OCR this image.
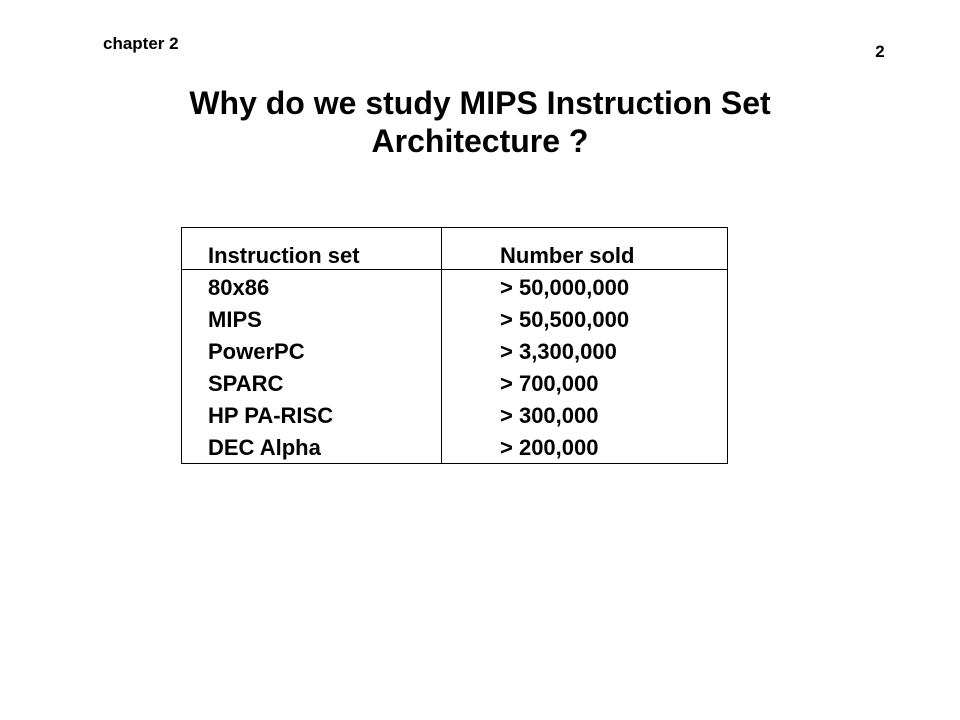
chapter 2	2
Why do we study MIPS Instruction Set
Architecture ?
Instruction set	Number sold
80x86	> 50,000,000
MIPS	> 50,500,000
PowerPC	> 3,300,000
SPARC	> 700,000
HP PA-RISC	> 300,000
DEC Alpha	> 200,000
